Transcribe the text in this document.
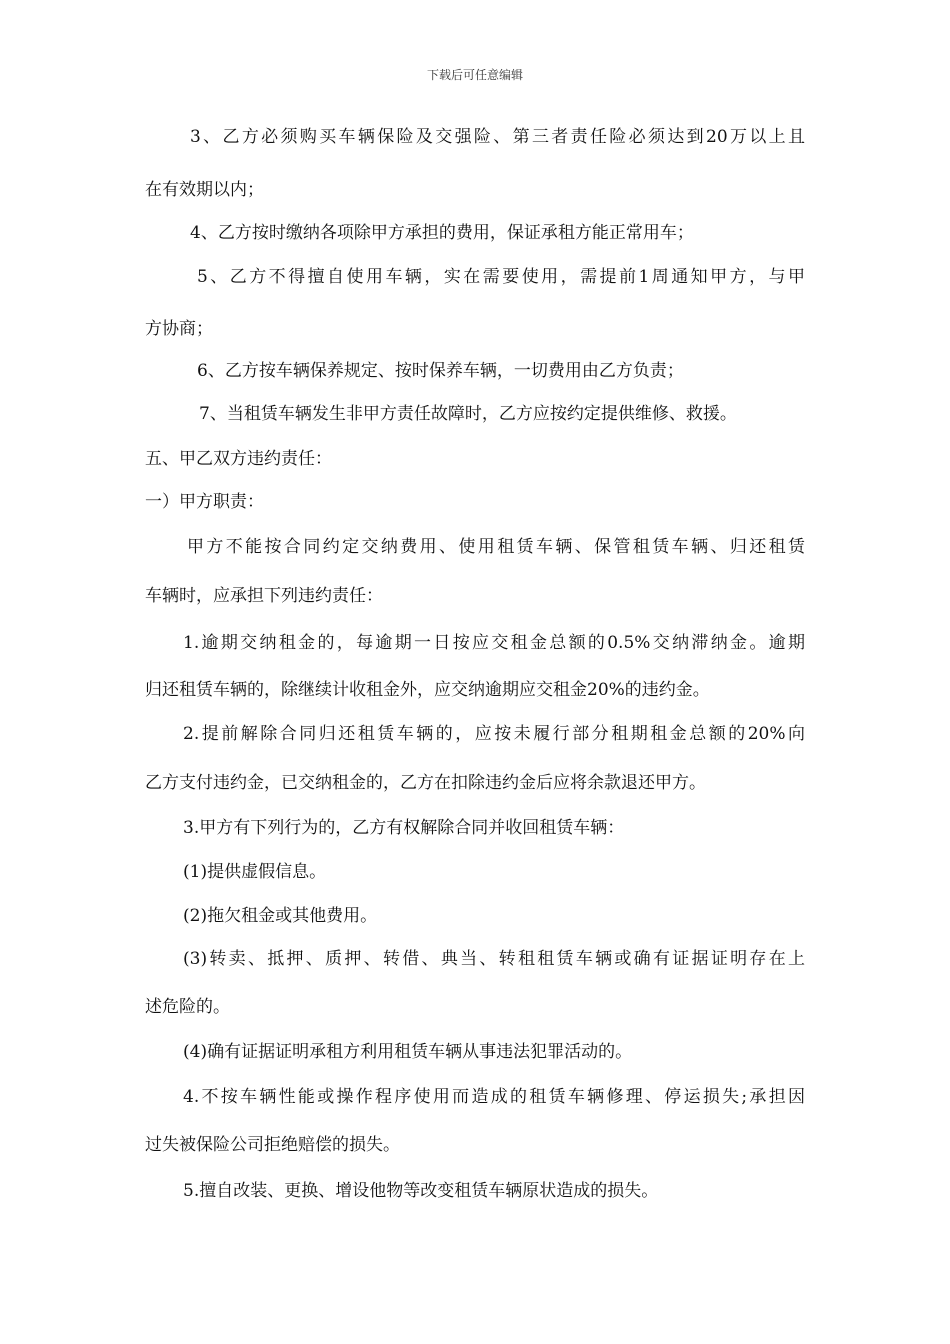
下载后可任意编辑
3、乙方必须购买车辆保险及交强险、第三者责任险必须达到20万以上且
在有效期以内；
4、乙方按时缴纳各项除甲方承担的费用，保证承租方能正常用车；
5、乙方不得擅自使用车辆，实在需要使用，需提前1周通知甲方，与甲
方协商；
6、乙方按车辆保养规定、按时保养车辆，一切费用由乙方负责；
7、当租赁车辆发生非甲方责任故障时，乙方应按约定提供维修、救援。
五、甲乙双方违约责任：
一）甲方职责：
甲方不能按合同约定交纳费用、使用租赁车辆、保管租赁车辆、归还租赁
车辆时，应承担下列违约责任：
1.逾期交纳租金的，每逾期一日按应交租金总额的0.5%交纳滞纳金。逾期
归还租赁车辆的，除继续计收租金外，应交纳逾期应交租金20%的违约金。
2.提前解除合同归还租赁车辆的，应按未履行部分租期租金总额的20%向
乙方支付违约金，已交纳租金的，乙方在扣除违约金后应将余款退还甲方。
3.甲方有下列行为的，乙方有权解除合同并收回租赁车辆：
(1)提供虚假信息。
(2)拖欠租金或其他费用。
(3)转卖、抵押、质押、转借、典当、转租租赁车辆或确有证据证明存在上
述危险的。
(4)确有证据证明承租方利用租赁车辆从事违法犯罪活动的。
4.不按车辆性能或操作程序使用而造成的租赁车辆修理、停运损失;承担因
过失被保险公司拒绝赔偿的损失。
5.擅自改装、更换、增设他物等改变租赁车辆原状造成的损失。
